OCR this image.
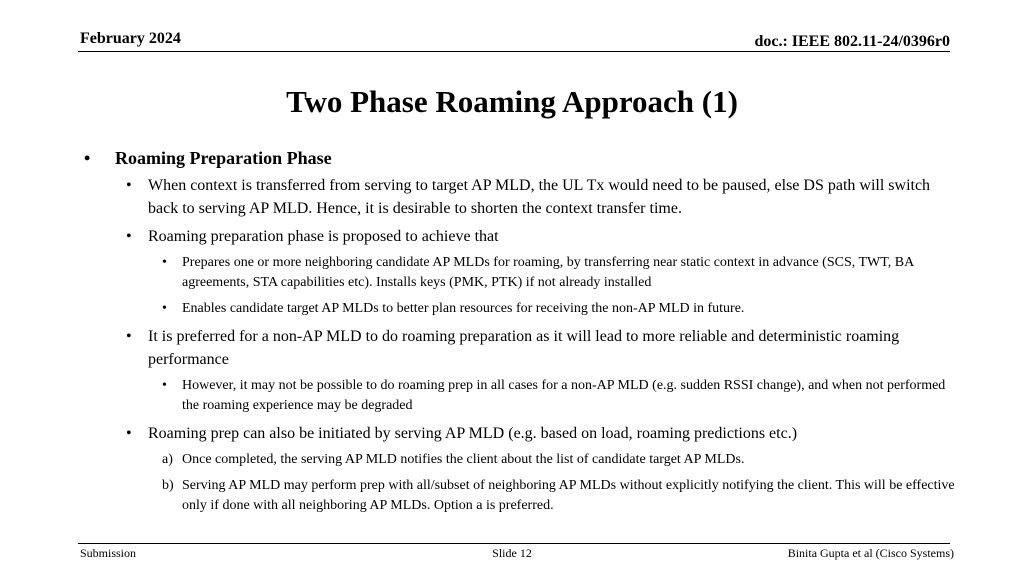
February 2024	doc.: IEEE 802.11-24/0396r0
Two Phase Roaming Approach (1)
• Roaming Preparation Phase
• When context is transferred from serving to target AP MLD, the UL Tx would need to be paused, else DS path will switch back to serving AP MLD. Hence, it is desirable to shorten the context transfer time.
• Roaming preparation phase is proposed to achieve that
• Prepares one or more neighboring candidate AP MLDs for roaming, by transferring near static context in advance (SCS, TWT, BA agreements, STA capabilities etc). Installs keys (PMK, PTK) if not already installed
• Enables candidate target AP MLDs to better plan resources for receiving the non-AP MLD in future.
• It is preferred for a non-AP MLD to do roaming preparation as it will lead to more reliable and deterministic roaming performance
• However, it may not be possible to do roaming prep in all cases for a non-AP MLD (e.g. sudden RSSI change), and when not performed the roaming experience may be degraded
• Roaming prep can also be initiated by serving AP MLD (e.g. based on load, roaming predictions etc.)
a) Once completed, the serving AP MLD notifies the client about the list of candidate target AP MLDs.
b) Serving AP MLD may perform prep with all/subset of neighboring AP MLDs without explicitly notifying the client. This will be effective only if done with all neighboring AP MLDs. Option a is preferred.
Submission	Slide 12	Binita Gupta et al (Cisco Systems)
